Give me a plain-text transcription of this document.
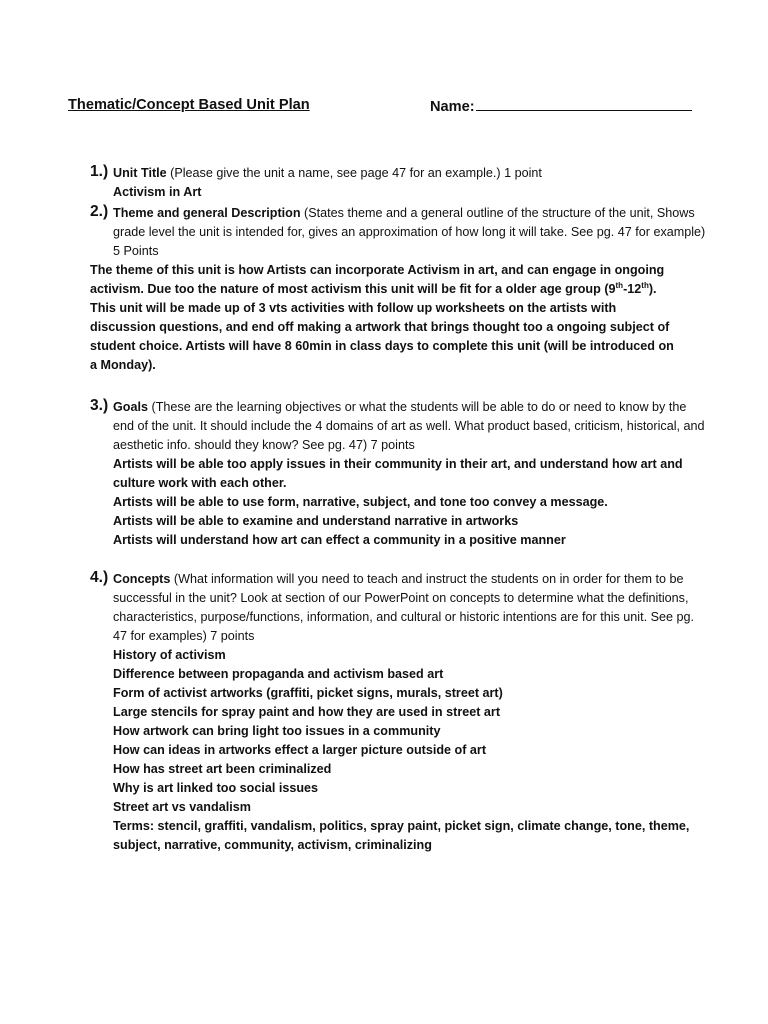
Thematic/Concept Based Unit Plan	Name:
1.) Unit Title (Please give the unit a name, see page 47 for an example.) 1 point
Activism in Art
2.) Theme and general Description (States theme and a general outline of the structure of the unit, Shows grade level the unit is intended for, gives an approximation of how long it will take. See pg. 47 for example) 5 Points
The theme of this unit is how Artists can incorporate Activism in art, and can engage in ongoing
activism. Due too the nature of most activism this unit will be fit for a older age group (9th-12th).
This unit will be made up of 3 vts activities with follow up worksheets on the artists with
discussion questions, and end off making a artwork that brings thought too a ongoing subject of
student choice. Artists will have 8 60min in class days to complete this unit (will be introduced on
a Monday).
3.) Goals (These are the learning objectives or what the students will be able to do or need to know by the end of the unit. It should include the 4 domains of art as well. What product based, criticism, historical, and aesthetic info. should they know? See pg. 47) 7 points
Artists will be able too apply issues in their community in their art, and understand how art and culture work with each other.
Artists will be able to use form, narrative, subject, and tone too convey a message.
Artists will be able to examine and understand narrative in artworks
Artists will understand how art can effect a community in a positive manner
4.) Concepts (What information will you need to teach and instruct the students on in order for them to be successful in the unit? Look at section of our PowerPoint on concepts to determine what the definitions, characteristics, purpose/functions, information, and cultural or historic intentions are for this unit. See pg. 47 for examples) 7 points
History of activism
Difference between propaganda and activism based art
Form of activist artworks (graffiti, picket signs, murals, street art)
Large stencils for spray paint and how they are used in street art
How artwork can bring light too issues in a community
How can ideas in artworks effect a larger picture outside of art
How has street art been criminalized
Why is art linked too social issues
Street art vs vandalism
Terms: stencil, graffiti, vandalism, politics, spray paint, picket sign, climate change, tone, theme, subject, narrative, community, activism, criminalizing
